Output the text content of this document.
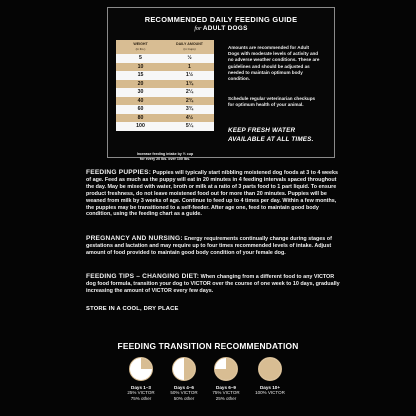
RECOMMENDED DAILY FEEDING GUIDE
for ADULT DOGS
WEIGHT
(in lbs.)
DAILY AMOUNT
(in Cups)
5	½
10	1
15	1½
20	1¾
30	2¼
40	2¾
60	3¾
80	4½
100	5¼
Increase feeding intake by ½ cup
for every 20 lbs. over 100 lbs.
Amounts are recommended for Adult Dogs with moderate levels of activity and no adverse weather conditions. These are guidelines and should be adjusted as needed to maintain optimum body condition.
Schedule regular veterinarian checkups for optimum health of your animal.
KEEP FRESH WATER
AVAILABLE AT ALL TIMES.
FEEDING PUPPIES: Puppies will typically start nibbling moistened dog foods at 3 to 4 weeks of age. Feed as much as the puppy will eat in 20 minutes in 4 feeding intervals spaced throughout the day. May be mixed with water, broth or milk at a ratio of 3 parts food to 1 part liquid. To ensure product freshness, do not leave moistened food out for more than 20 minutes. Puppies will be weaned from milk by 3 weeks of age. Continue to feed up to 4 times per day. Within a few months, the puppies may be transitioned to a self-feeder. After age one, feed to maintain good body condition, using the feeding chart as a guide.
PREGNANCY AND NURSING: Energy requirements continually change during stages of gestations and lactation and may require up to four times recommended levels of intake. Adjust amount of food provided to maintain good body condition of your female dog.
FEEDING TIPS – CHANGING DIET: When changing from a different food to any VICTOR dog food formula, transition your dog to VICTOR over the course of one week to 10 days, gradually increasing the amount of VICTOR every few days.
STORE IN A COOL, DRY PLACE
FEEDING TRANSITION RECOMMENDATION
Days 1–3
25% VICTOR
75% other
Days 4–6
50% VICTOR
50% other
Days 6–9
75% VICTOR
25% other
Days 10+
100% VICTOR
